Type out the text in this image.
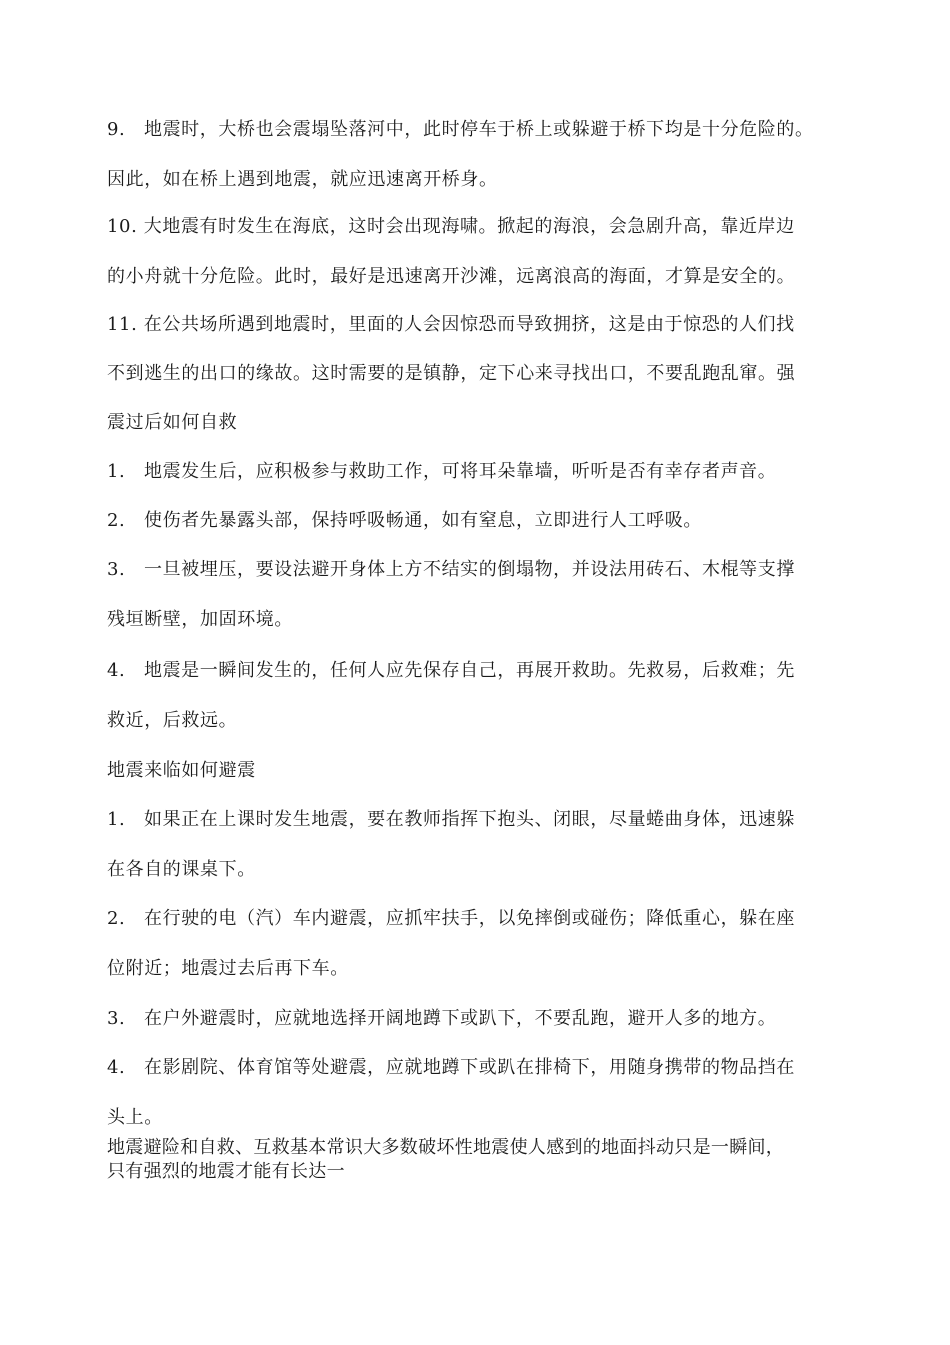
9.　地震时，大桥也会震塌坠落河中，此时停车于桥上或躲避于桥下均是十分危险的。

因此，如在桥上遇到地震，就应迅速离开桥身。

10. 大地震有时发生在海底，这时会出现海啸。掀起的海浪，会急剧升高，靠近岸边

的小舟就十分危险。此时，最好是迅速离开沙滩，远离浪高的海面，才算是安全的。

11. 在公共场所遇到地震时，里面的人会因惊恐而导致拥挤，这是由于惊恐的人们找

不到逃生的出口的缘故。这时需要的是镇静，定下心来寻找出口，不要乱跑乱窜。强

震过后如何自救

1.　地震发生后，应积极参与救助工作，可将耳朵靠墙，听听是否有幸存者声音。

2.　使伤者先暴露头部，保持呼吸畅通，如有窒息，立即进行人工呼吸。

3.　一旦被埋压，要设法避开身体上方不结实的倒塌物，并设法用砖石、木棍等支撑

残垣断壁，加固环境。

4.　地震是一瞬间发生的，任何人应先保存自己，再展开救助。先救易，后救难；先

救近，后救远。

地震来临如何避震

1.　如果正在上课时发生地震，要在教师指挥下抱头、闭眼，尽量蜷曲身体，迅速躲

在各自的课桌下。

2.　在行驶的电（汽）车内避震，应抓牢扶手，以免摔倒或碰伤；降低重心，躲在座

位附近；地震过去后再下车。

3.　在户外避震时，应就地选择开阔地蹲下或趴下，不要乱跑，避开人多的地方。

4.　在影剧院、体育馆等处避震，应就地蹲下或趴在排椅下，用随身携带的物品挡在

头上。

地震避险和自救、互救基本常识大多数破坏性地震使人感到的地面抖动只是一瞬间，

只有强烈的地震才能有长达一
